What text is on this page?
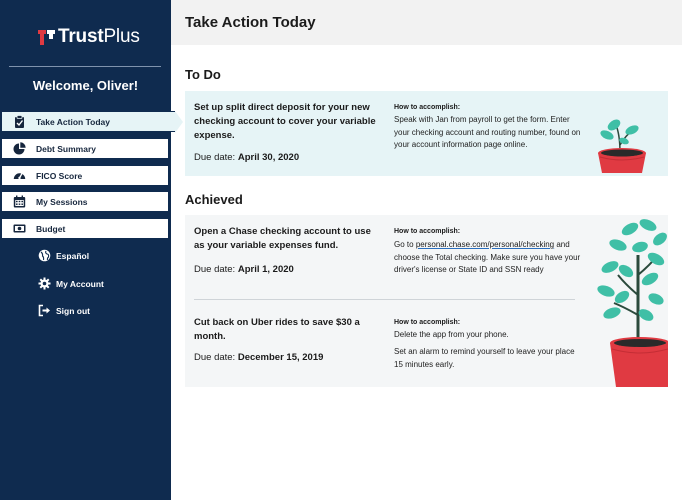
TrustPlus
Welcome, Oliver!
Take Action Today
Debt Summary
FICO Score
My Sessions
Budget
Español
My Account
Sign out
Take Action Today
To Do
Set up split direct deposit for your new checking account to cover your variable expense.
Due date: April 30, 2020
How to accomplish:
Speak with Jan from payroll to get the form. Enter your checking account and routing number, found on your account information page online.
Achieved
Open a Chase checking account to use as your variable expenses fund.
Due date: April 1, 2020
How to accomplish:
Go to personal.chase.com/personal/checking and choose the Total checking. Make sure you have your driver's license or State ID and SSN ready
Cut back on Uber rides to save $30 a month.
Due date: December 15, 2019
How to accomplish:
Delete the app from your phone.
Set an alarm to remind yourself to leave your place 15 minutes early.
